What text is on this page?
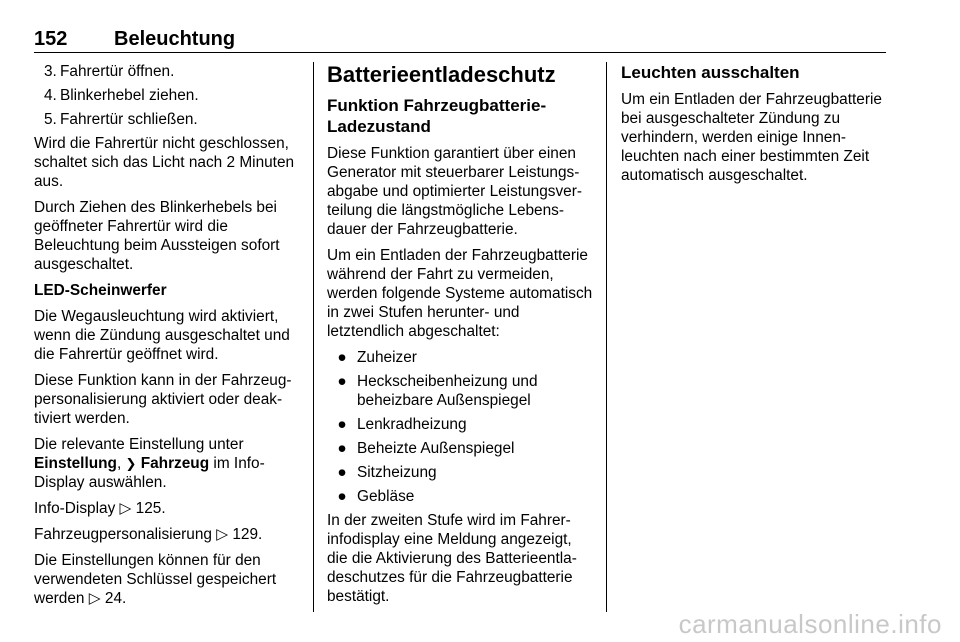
152 Beleuchtung
3. Fahrertür öffnen.
4. Blinkerhebel ziehen.
5. Fahrertür schließen.

Wird die Fahrertür nicht geschlossen, schaltet sich das Licht nach 2 Minuten aus.

Durch Ziehen des Blinkerhebels bei geöffneter Fahrertür wird die Beleuchtung beim Aussteigen sofort ausgeschaltet.

LED-Scheinwerfer

Die Wegausleuchtung wird aktiviert, wenn die Zündung ausgeschaltet und die Fahrertür geöffnet wird.

Diese Funktion kann in der Fahrzeugpersonalisierung aktiviert oder deaktiviert werden.

Die relevante Einstellung unter
Einstellung, ❯ Fahrzeug im Info-Display auswählen.

Info-Display ▷ 125.

Fahrzeugpersonalisierung ▷ 129.

Die Einstellungen können für den verwendeten Schlüssel gespeichert werden ▷ 24.

Batterieentladeschutz

Funktion Fahrzeugbatterie-Ladezustand

Diese Funktion garantiert über einen Generator mit steuerbarer Leistungsabgabe und optimierter Leistungsverteilung die längstmögliche Lebensdauer der Fahrzeugbatterie.

Um ein Entladen der Fahrzeugbatterie während der Fahrt zu vermeiden, werden folgende Systeme automatisch in zwei Stufen herunter- und letztendlich abgeschaltet:

● Zuheizer
● Heckscheibenheizung und beheizbare Außenspiegel
● Lenkradheizung
● Beheizte Außenspiegel
● Sitzheizung
● Gebläse

In der zweiten Stufe wird im Fahrerinfodisplay eine Meldung angezeigt, die die Aktivierung des Batterieentladeschutzes für die Fahrzeugbatterie bestätigt.

Leuchten ausschalten

Um ein Entladen der Fahrzeugbatterie bei ausgeschalteter Zündung zu verhindern, werden einige Innenleuchten nach einer bestimmten Zeit automatisch ausgeschaltet.

carmanualsonline.info
